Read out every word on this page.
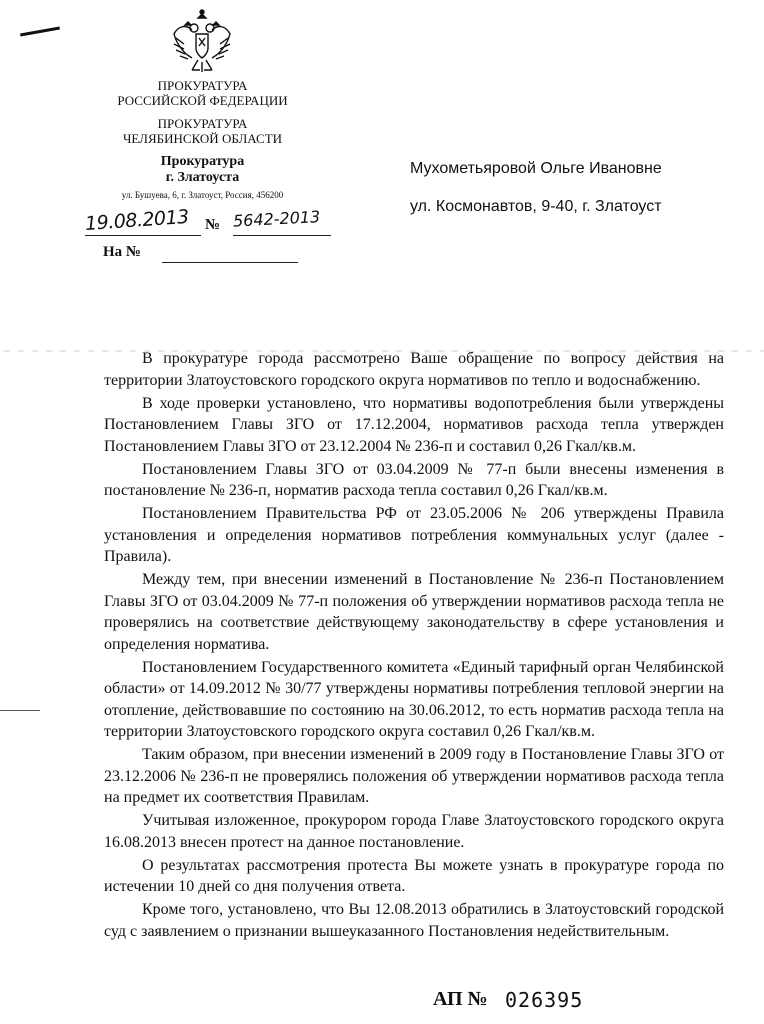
ПРОКУРАТУРА
РОССИЙСКОЙ ФЕДЕРАЦИИ
ПРОКУРАТУРА
ЧЕЛЯБИНСКОЙ ОБЛАСТИ
Прокуратура
г. Златоуста
ул. Бушуева, 6, г. Златоуст, Россия, 456200
19.08.2013	№ 5642-2013
На №
Мухометьяровой Ольге Ивановне
ул. Космонавтов, 9-40, г. Златоуст

В прокуратуре города рассмотрено Ваше обращение по вопросу действия на территории Златоустовского городского округа нормативов по тепло и водоснабжению.

В ходе проверки установлено, что нормативы водопотребления были утверждены Постановлением Главы ЗГО от 17.12.2004, нормативов расхода тепла утвержден Постановлением Главы ЗГО от 23.12.2004 № 236-п и составил 0,26 Гкал/кв.м.

Постановлением Главы ЗГО от 03.04.2009 № 77-п были внесены изменения в постановление № 236-п, норматив расхода тепла составил 0,26 Гкал/кв.м.

Постановлением Правительства РФ от 23.05.2006 № 206 утверждены Правила установления и определения нормативов потребления коммунальных услуг (далее - Правила).

Между тем, при внесении изменений в Постановление № 236-п Постановлением Главы ЗГО от 03.04.2009 № 77-п положения об утверждении нормативов расхода тепла не проверялись на соответствие действующему законодательству в сфере установления и определения норматива.

Постановлением Государственного комитета «Единый тарифный орган Челябинской области» от 14.09.2012 № 30/77 утверждены нормативы потребления тепловой энергии на отопление, действовавшие по состоянию на 30.06.2012, то есть норматив расхода тепла на территории Златоустовского городского округа составил 0,26 Гкал/кв.м.

Таким образом, при внесении изменений в 2009 году в Постановление Главы ЗГО от 23.12.2006 № 236-п не проверялись положения об утверждении нормативов расхода тепла на предмет их соответствия Правилам.

Учитывая изложенное, прокурором города Главе Златоустовского городского округа 16.08.2013 внесен протест на данное постановление.

О результатах рассмотрения протеста Вы можете узнать в прокуратуре города по истечении 10 дней со дня получения ответа.

Кроме того, установлено, что Вы 12.08.2013 обратились в Златоустовский городской суд с заявлением о признании вышеуказанного Постановления недействительным.

АП № 026395
